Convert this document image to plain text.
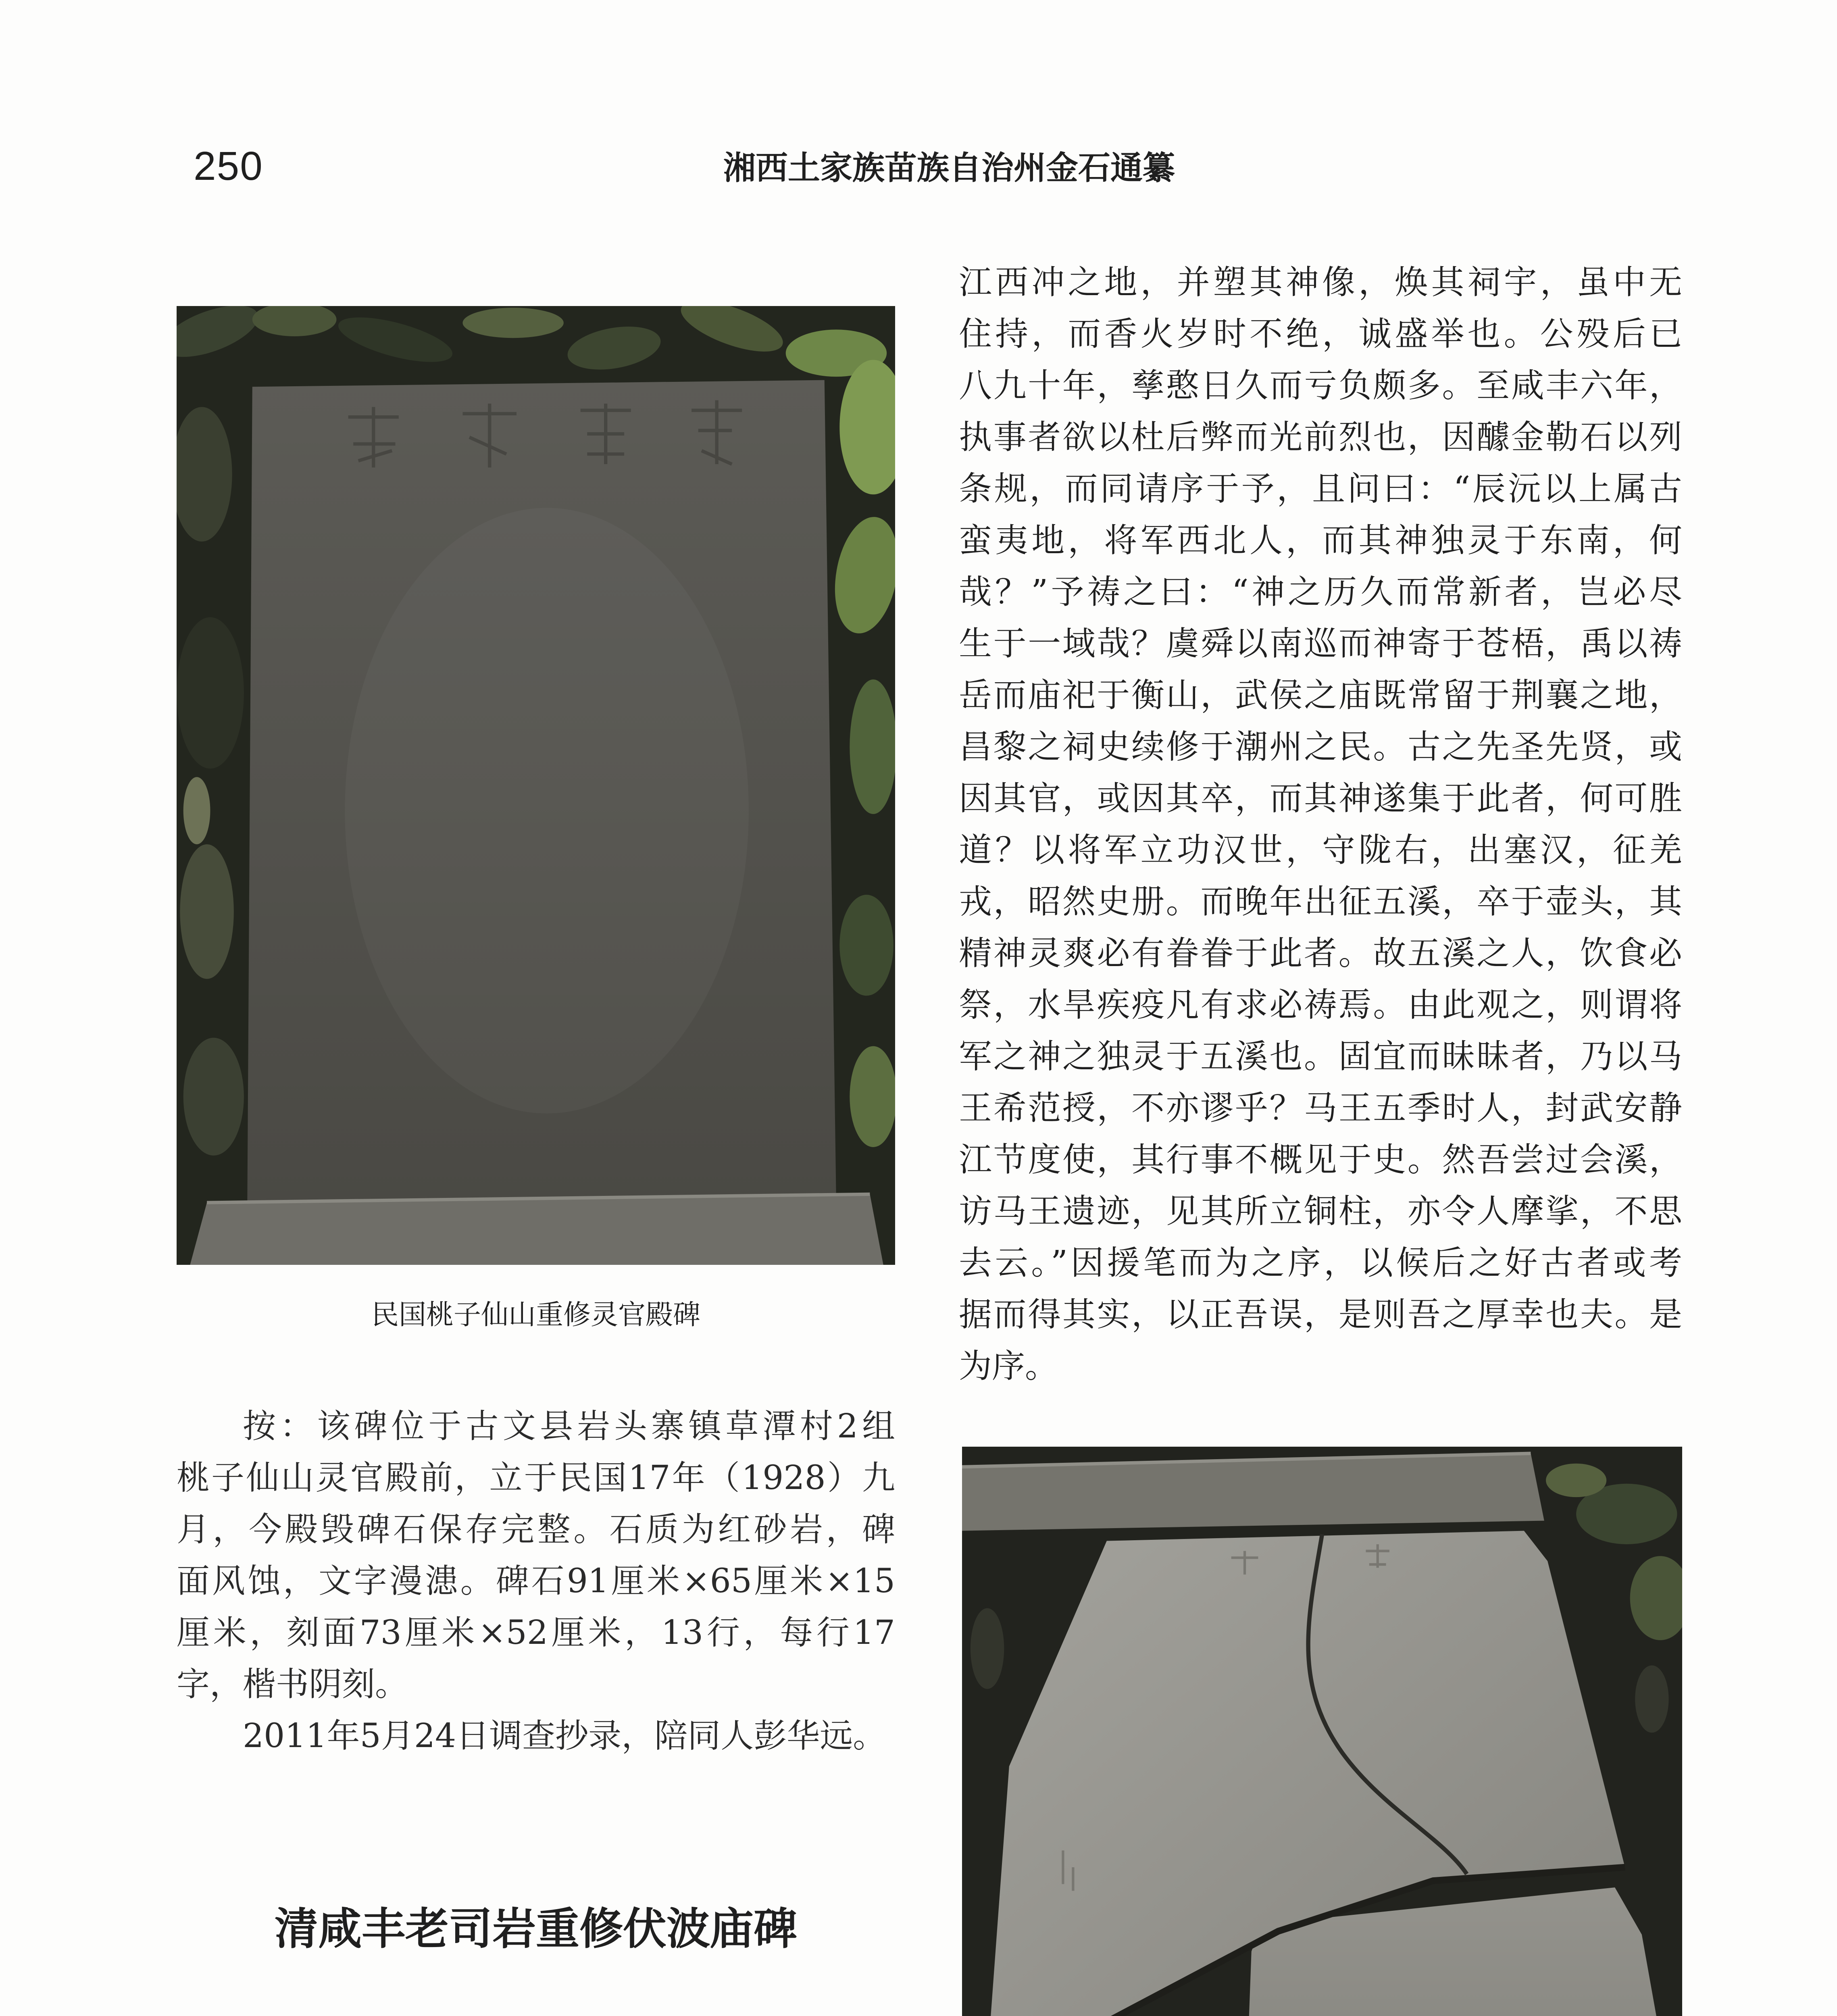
250	湘西土家族苗族自治州金石通纂
民国桃子仙山重修灵官殿碑
按：该碑位于古文县岩头寨镇草潭村2组
桃子仙山灵官殿前，立于民国17年（1928）九
月，今殿毁碑石保存完整。石质为红砂岩，碑
面风蚀，文字漫漶。碑石91厘米×65厘米×15
厘米，刻面73厘米×52厘米，13行，每行17
字，楷书阴刻。
2011年5月24日调查抄录，陪同人彭华远。
清咸丰老司岩重修伏波庙碑
江西冲之地，并塑其神像，焕其祠宇，虽中无
住持，而香火岁时不绝，诚盛举也。公殁后已
八九十年，孳憨日久而亏负颇多。至咸丰六年，
执事者欲以杜后弊而光前烈也，因醵金勒石以列
条规，而同请序于予，且问曰：“辰沅以上属古
蛮夷地，将军西北人，而其神独灵于东南，何
哉？”予祷之曰：“神之历久而常新者，岂必尽
生于一域哉？虞舜以南巡而神寄于苍梧，禹以祷
岳而庙祀于衡山，武侯之庙既常留于荆襄之地，
昌黎之祠史续修于潮州之民。古之先圣先贤，或
因其官，或因其卒，而其神遂集于此者，何可胜
道？以将军立功汉世，守陇右，出塞汉，征羌
戎，昭然史册。而晚年出征五溪，卒于壶头，其
精神灵爽必有眷眷于此者。故五溪之人，饮食必
祭，水旱疾疫凡有求必祷焉。由此观之，则谓将
军之神之独灵于五溪也。固宜而昧昧者，乃以马
王希范授，不亦谬乎？马王五季时人，封武安静
江节度使，其行事不概见于史。然吾尝过会溪，
访马王遗迹，见其所立铜柱，亦令人摩挲，不思
去云。”因援笔而为之序，以候后之好古者或考
据而得其实，以正吾误，是则吾之厚幸也夫。是
为序。
